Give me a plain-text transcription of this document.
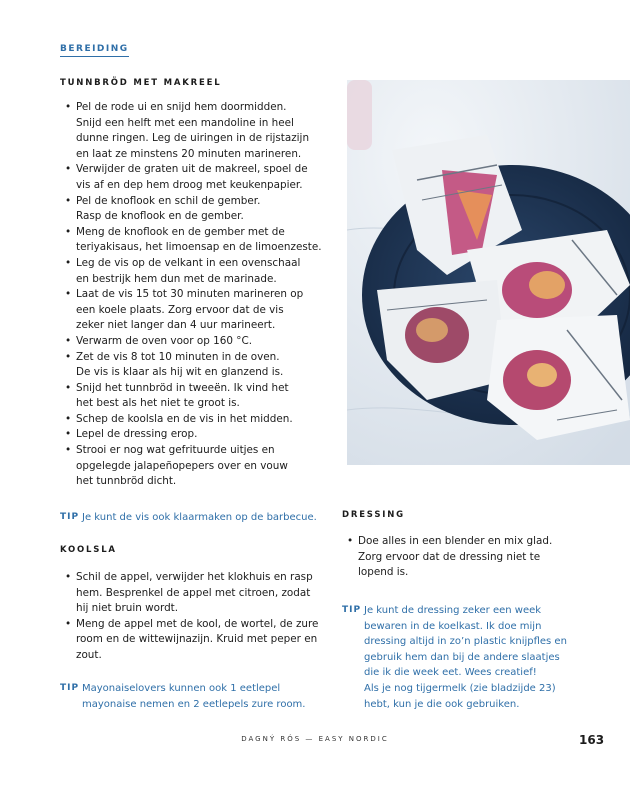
BEREIDING
TUNNBRÖD MET MAKREEL
• Pel de rode ui en snijd hem doormidden.
Snijd een helft met een mandoline in heel
dunne ringen. Leg de uiringen in de rijstazijn
en laat ze minstens 20 minuten marineren.
• Verwijder de graten uit de makreel, spoel de
vis af en dep hem droog met keukenpapier.
• Pel de knoflook en schil de gember.
Rasp de knoflook en de gember.
• Meng de knoflook en de gember met de
teriyakisaus, het limoensap en de limoenzeste.
• Leg de vis op de velkant in een ovenschaal
en bestrijk hem dun met de marinade.
• Laat de vis 15 tot 30 minuten marineren op
een koele plaats. Zorg ervoor dat de vis
zeker niet langer dan 4 uur marineert.
• Verwarm de oven voor op 160 °C.
• Zet de vis 8 tot 10 minuten in de oven.
De vis is klaar als hij wit en glanzend is.
• Snijd het tunnbröd in tweeën. Ik vind het
het best als het niet te groot is.
• Schep de koolsla en de vis in het midden.
• Lepel de dressing erop.
• Strooi er nog wat gefrituurde uitjes en
opgelegde jalapeñopepers over en vouw
het tunnbröd dicht.
TIP Je kunt de vis ook klaarmaken op de barbecue.
KOOLSLA
• Schil de appel, verwijder het klokhuis en rasp
hem. Besprenkel de appel met citroen, zodat
hij niet bruin wordt.
• Meng de appel met de kool, de wortel, de zure
room en de wittewijnazijn. Kruid met peper en
zout.
TIP Mayonaiselovers kunnen ook 1 eetlepel
mayonaise nemen en 2 eetlepels zure room.
DRESSING
• Doe alles in een blender en mix glad.
Zorg ervoor dat de dressing niet te
lopend is.
TIP Je kunt de dressing zeker een week
bewaren in de koelkast. Ik doe mijn
dressing altijd in zo’n plastic knijpfles en
gebruik hem dan bij de andere slaatjes
die ik die week eet. Wees creatief!
Als je nog tijgermelk (zie bladzijde 23)
hebt, kun je die ook gebruiken.
DAGNÝ RÓS — EASY NORDIC	163
